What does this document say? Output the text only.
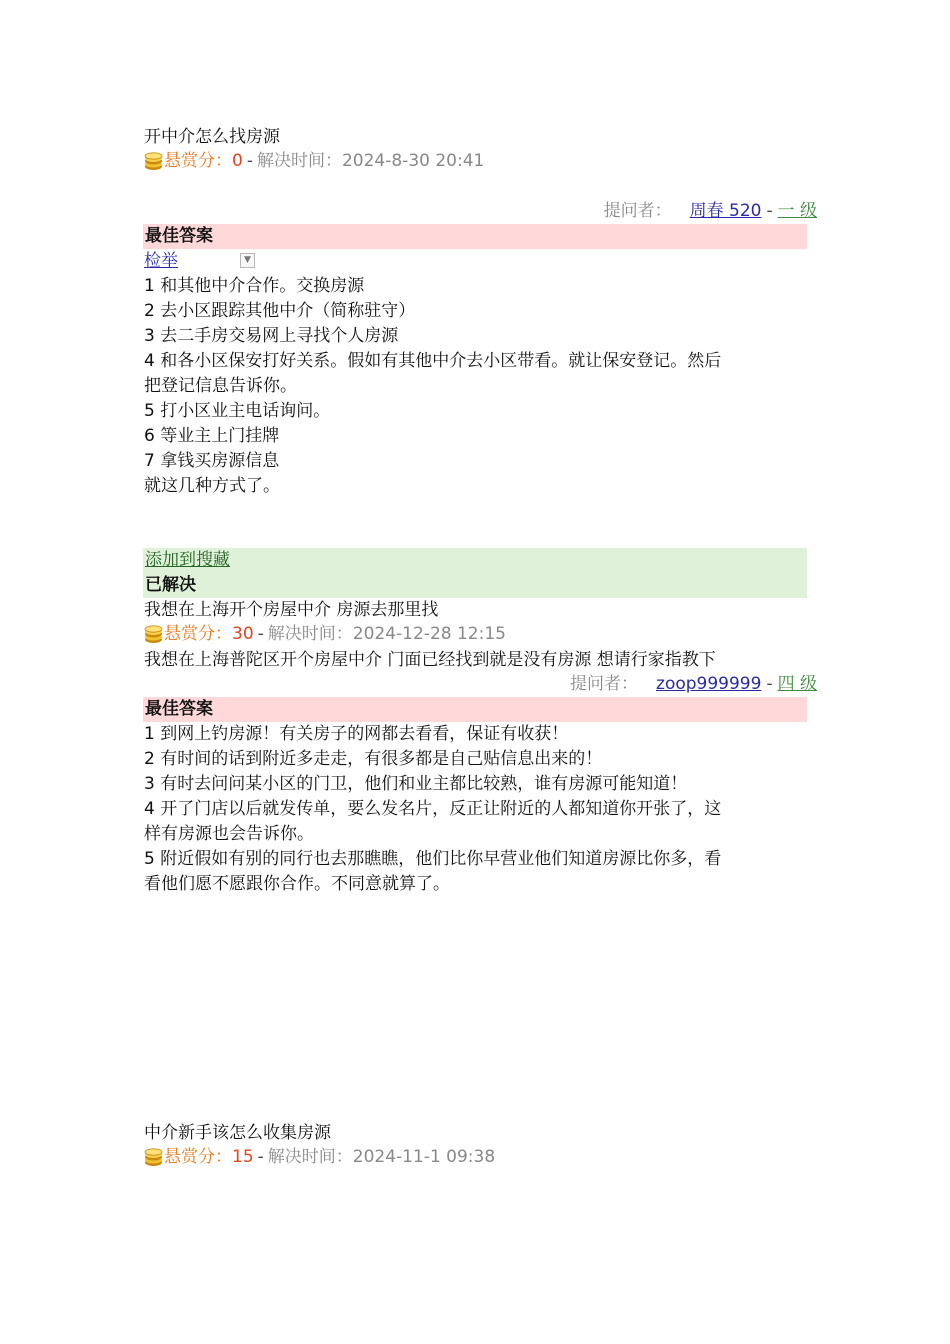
开中介怎么找房源
悬赏分： 0 - 解决时间： 2024-8-30 20:41
提问者： 周春 520 - 一 级
最佳答案
检举	▼
1 和其他中介合作。交换房源
2 去小区跟踪其他中介（简称驻守）
3 去二手房交易网上寻找个人房源
4 和各小区保安打好关系。假如有其他中介去小区带看。就让保安登记。然后
把登记信息告诉你。
5 打小区业主电话询问。
6 等业主上门挂牌
7 拿钱买房源信息
就这几种方式了。
添加到搜藏
已解决
我想在上海开个房屋中介 房源去那里找
悬赏分： 30 - 解决时间： 2024-12-28 12:15
我想在上海普陀区开个房屋中介 门面已经找到就是没有房源 想请行家指教下
提问者： zoop999999 - 四 级
最佳答案
1 到网上钓房源！有关房子的网都去看看，保证有收获！
2 有时间的话到附近多走走，有很多都是自己贴信息出来的！
3 有时去问问某小区的门卫，他们和业主都比较熟，谁有房源可能知道！
4 开了门店以后就发传单，要么发名片，反正让附近的人都知道你开张了，这
样有房源也会告诉你。
5 附近假如有别的同行也去那瞧瞧，他们比你早营业他们知道房源比你多，看
看他们愿不愿跟你合作。不同意就算了。
中介新手该怎么收集房源
悬赏分： 15 - 解决时间： 2024-11-1 09:38
